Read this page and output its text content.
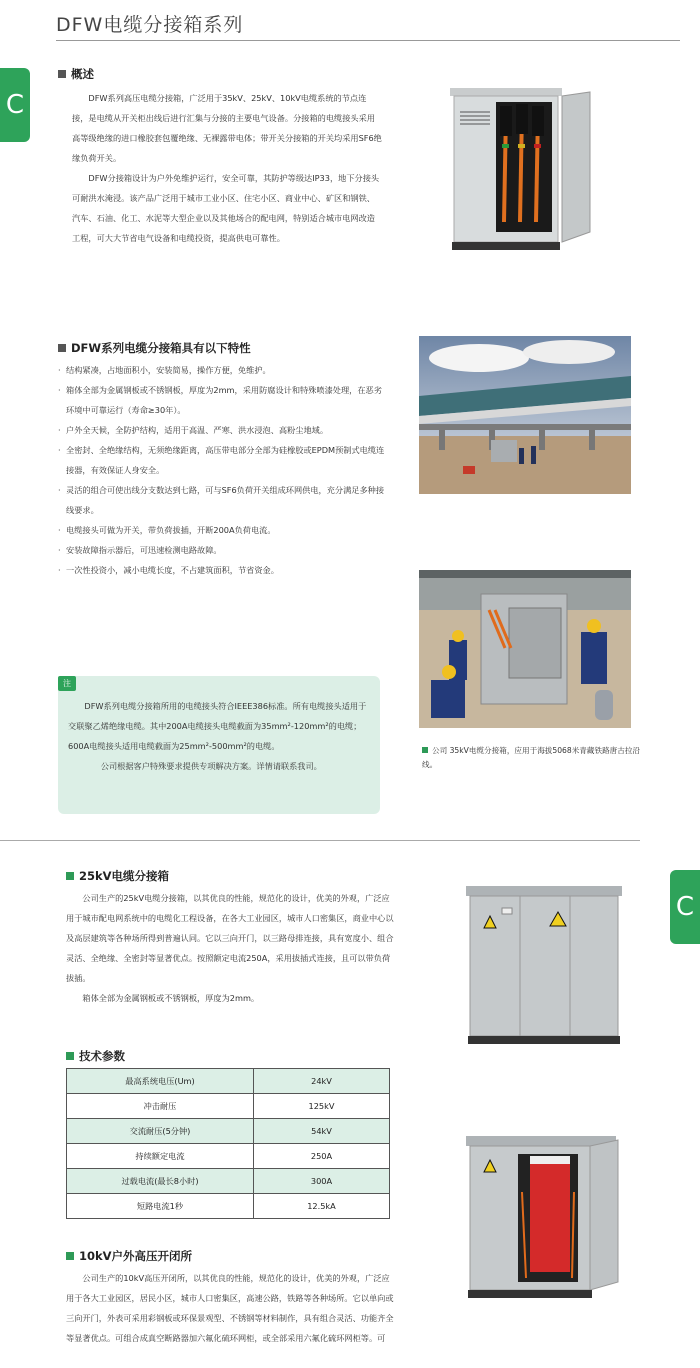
DFW电缆分接箱系列
C
概述

DFW系列高压电缆分接箱，广泛用于35kV、25kV、10kV电缆系统的节点连接，是电缆从开关柜出线后进行汇集与分接的主要电气设备。分接箱的电缆接头采用高等级绝缘的进口橡胶套包覆绝缘、无裸露带电体；带开关分接箱的开关均采用SF6绝缘负荷开关。

DFW分接箱设计为户外免维护运行，安全可靠，其防护等级达IP33，地下分接头可耐洪水淹浸。该产品广泛用于城市工业小区、住宅小区、商业中心、矿区和钢铁、汽车、石油、化工、水泥等大型企业以及其他场合的配电网，特别适合城市电网改造工程，可大大节省电气设备和电缆投资，提高供电可靠性。

DFW系列电缆分接箱具有以下特性
· 结构紧凑，占地面积小，安装简易，操作方便，免维护。
· 箱体全部为金属钢板或不锈钢板，厚度为2mm，采用防腐设计和特殊喷漆处理，在恶劣环境中可靠运行（寿命≥30年）。
· 户外全天候，全防护结构，适用于高温、严寒、洪水浸泡、高粉尘地域。
· 全密封、全绝缘结构，无须绝缘距离，高压带电部分全部为硅橡胶或EPDM预制式电缆连接器，有效保证人身安全。
· 灵活的组合可使出线分支数达到七路，可与SF6负荷开关组成环网供电，充分满足多种接线要求。
· 电缆接头可做为开关，带负荷拔插，开断200A负荷电流。
· 安装故障指示器后，可迅速检测电路故障。
· 一次性投资小，减小电缆长度，不占建筑面积，节省资金。
注

DFW系列电缆分接箱所用的电缆接头符合IEEE386标准。所有电缆接头适用于交联聚乙烯绝缘电缆。其中200A电缆接头电缆截面为35mm²-120mm²的电缆；600A电缆接头适用电缆截面为25mm²-500mm²的电缆。

公司根据客户特殊要求提供专项解决方案。详情请联系我司。

公司 35kV电缆分接箱，应用于海拔5068米青藏铁路唐古拉沿线。
C
25kV电缆分接箱

公司生产的25kV电缆分接箱，以其优良的性能，规范化的设计，优美的外观，广泛应用于城市配电网系统中的电缆化工程设备，在各大工业园区，城市人口密集区，商业中心以及高层建筑等各种场所得到普遍认同。它以三向开门，以三路母排连接，具有宽度小、组合灵活、全绝缘、全密封等显著优点。按照额定电流250A，采用拔插式连接，且可以带负荷拔插。

箱体全部为金属钢板或不锈钢板，厚度为2mm。

技术参数
最高系统电压(Um)	24kV
冲击耐压	125kV
交流耐压(5分钟)	54kV
持续额定电流	250A
过载电流(最长8小时)	300A
短路电流1秒	12.5kA
10kV户外高压开闭所

公司生产的10kV高压开闭所，以其优良的性能，规范化的设计，优美的外观，广泛应用于各大工业园区，居民小区，城市人口密集区，高速公路，铁路等各种场所。它以单向或三向开门，外表可采用彩钢板或环保景观型、不锈钢等材料制作，具有组合灵活、功能齐全等显著优点。可组合成真空断路器加六氟化硫环网柜，或全部采用六氟化硫环网柜等。可
